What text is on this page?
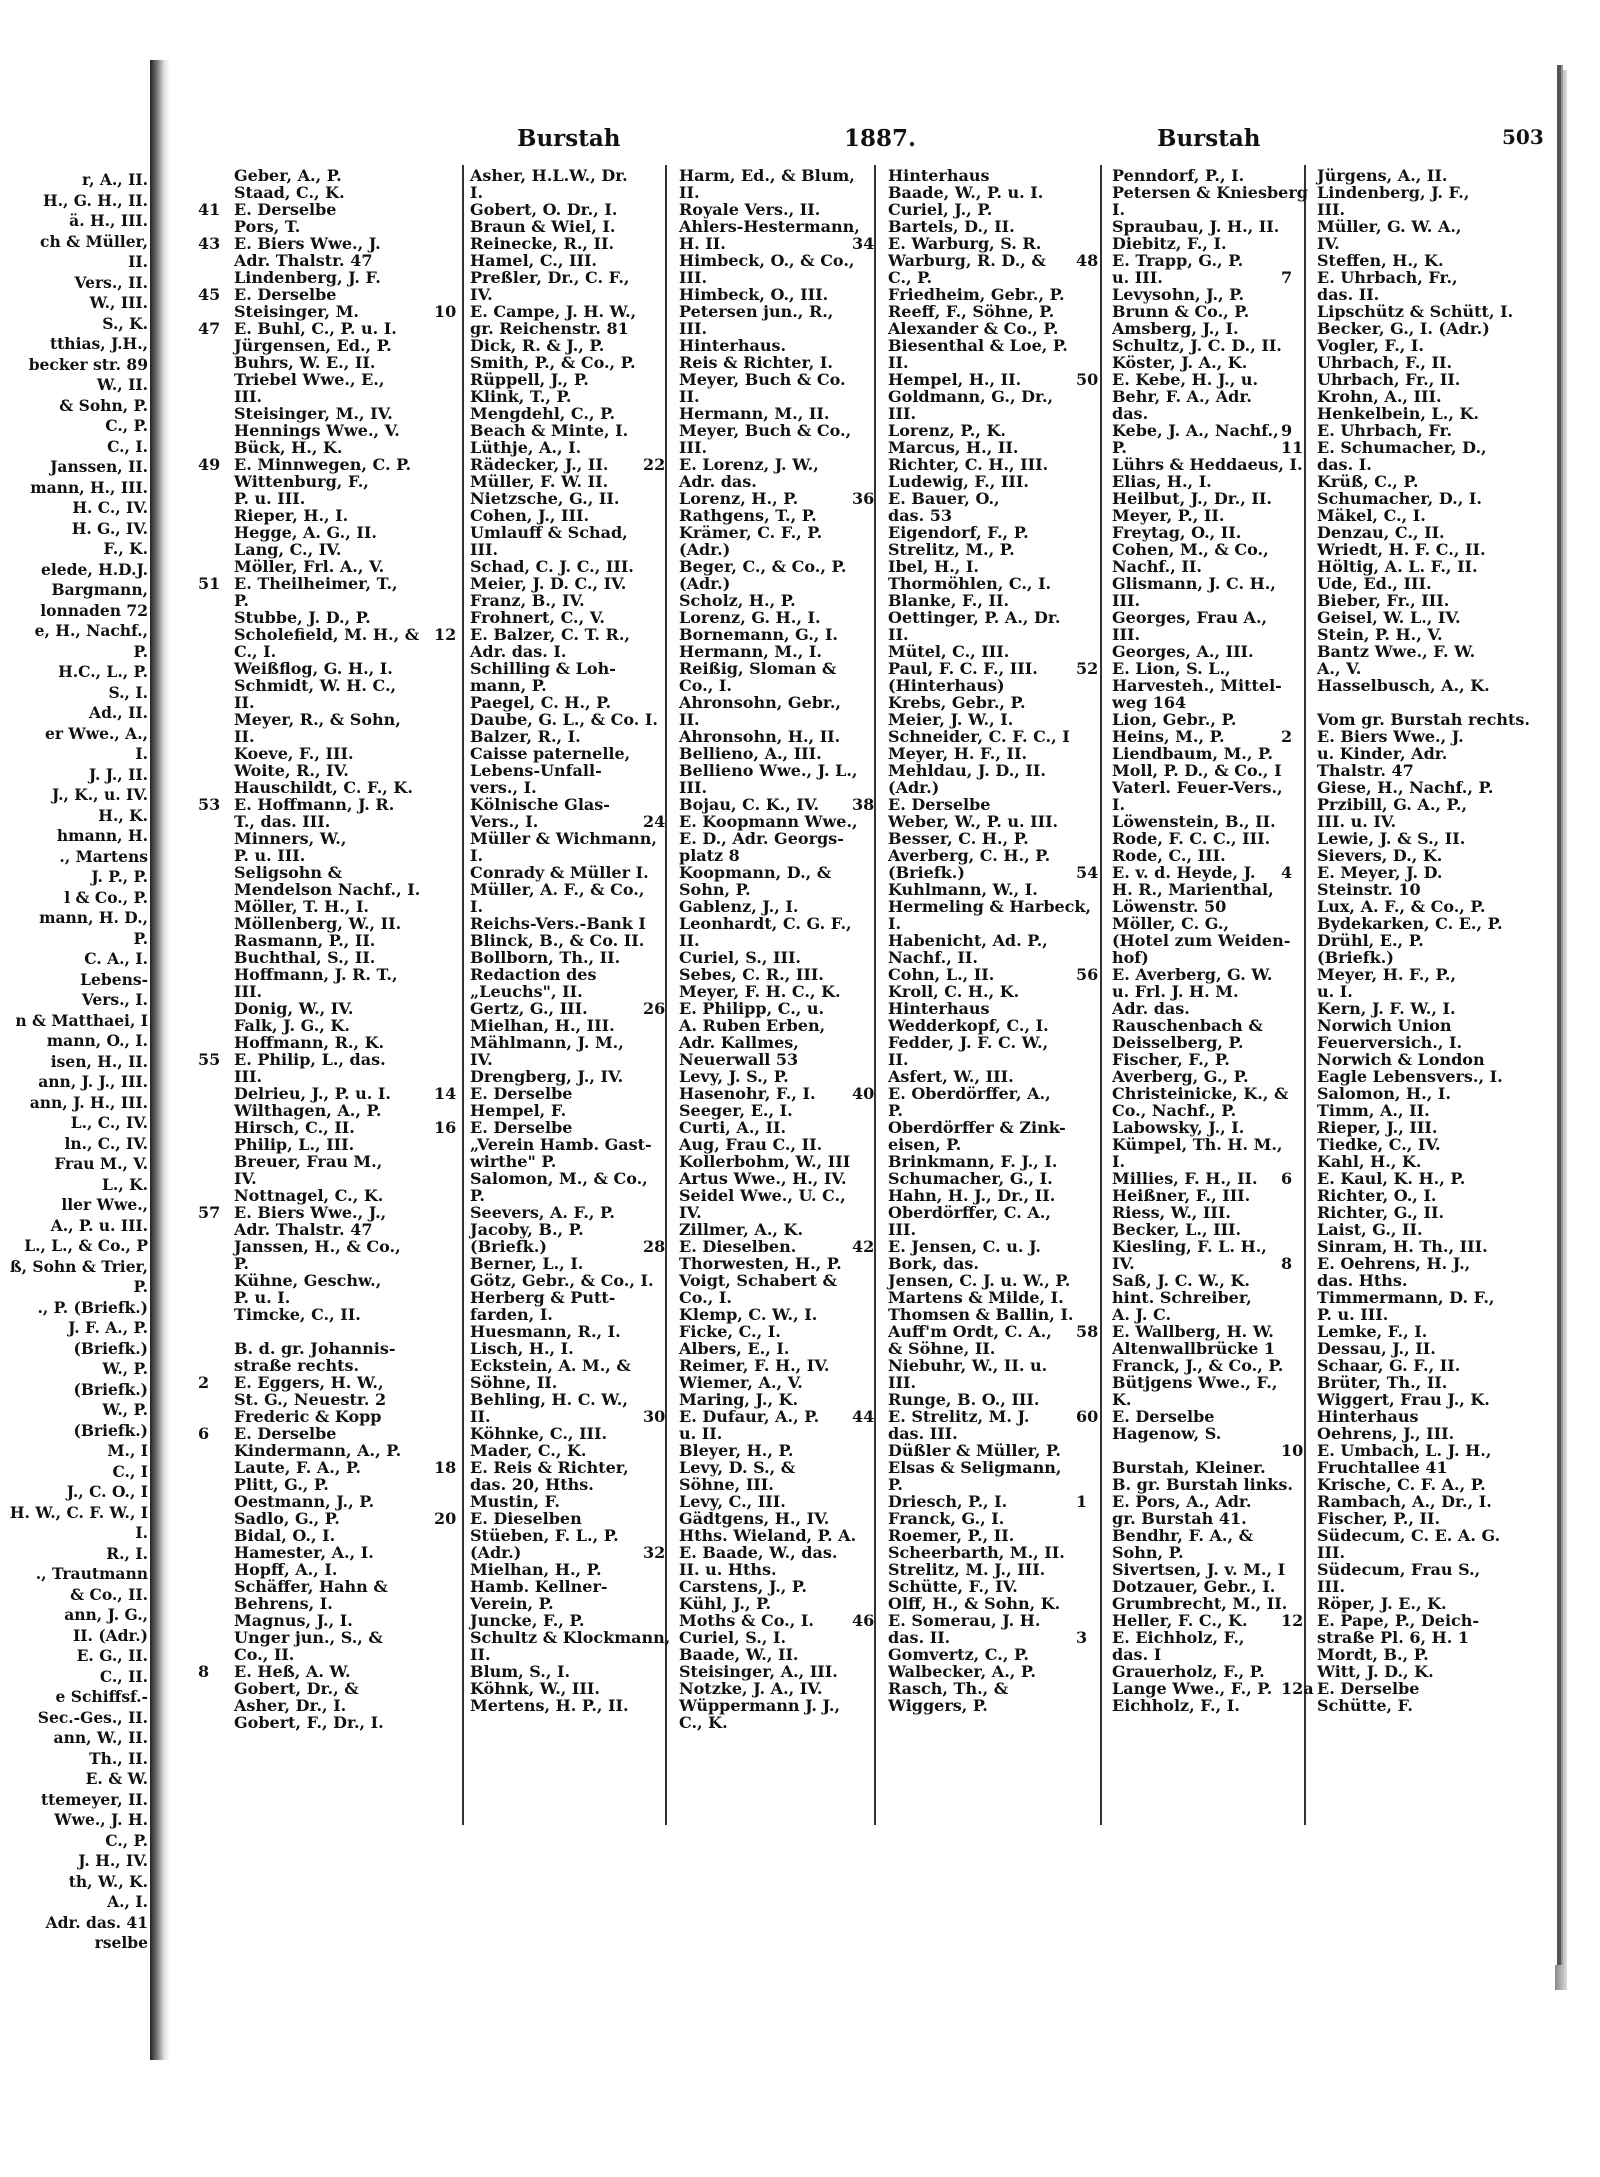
r, A., II.
H., G. H., II.
ä. H., III.
ch & Müller,
II.
Vers., II.
W., III.
S., K.
tthias, J.H.,
becker str. 89
W., II.
& Sohn, P.
C., P.
C., I.
Janssen, II.
mann, H., III.
H. C., IV.
H. G., IV.
F., K.
elede, H.D.J.
Bargmann,
lonnaden 72
e, H., Nachf.,
P.
H.C., L., P.
S., I.
Ad., II.
er Wwe., A.,
I.
J. J., II.
J., K., u. IV.
H., K.
hmann, H.
., Martens
J. P., P.
l & Co., P.
mann, H. D.,
P.
C. A., I.
Lebens-
Vers., I.
n & Matthaei, I
mann, O., I.
isen, H., II.
ann, J. J., III.
ann, J. H., III.
L., C., IV.
ln., C., IV.
Frau M., V.
L., K.
ller Wwe.,
A., P. u. III.
L., L., & Co., P
ß, Sohn & Trier,
P.
., P. (Briefk.)
J. F. A., P.
(Briefk.)
W., P.
(Briefk.)
W., P.
(Briefk.)
M., I
C., I
J., C. O., I
H. W., C. F. W., I
I.
R., I.
., Trautmann
& Co., II.
ann, J. G.,
II. (Adr.)
E. G., II.
C., II.
e Schiffsf.-
Sec.-Ges., II.
ann, W., II.
Th., II.
E. & W.
ttemeyer, II.
Wwe., J. H.
C., P.
J. H., IV.
th, W., K.
A., I.
Adr. das. 41
rselbe
Burstah	1887.	Burstah	503
Geber, A., P.
Staad, C., K.
41 E. Derselbe
Pors, T.
43 E. Biers Wwe., J.
Adr. Thalstr. 47
Lindenberg, J. F.
45 E. Derselbe
Steisinger, M.
47 E. Buhl, C., P. u. I.
Jürgensen, Ed., P.
Buhrs, W. E., II.
Triebel Wwe., E.,
III.
Steisinger, M., IV.
Hennings Wwe., V.
Bück, H., K.
49 E. Minnwegen, C. P.
Wittenburg, F.,
P. u. III.
Rieper, H., I.
Hegge, A. G., II.
Lang, C., IV.
Möller, Frl. A., V.
51 E. Theilheimer, T.,
P.
Stubbe, J. D., P.
Scholefield, M. H., &
C., I.
Weißflog, G. H., I.
Schmidt, W. H. C.,
II.
Meyer, R., & Sohn,
II.
Koeve, F., III.
Woite, R., IV.
Hauschildt, C. F., K.
53 E. Hoffmann, J. R.
T., das. III.
Minners, W.,
P. u. III.
Seligsohn &
Mendelson Nachf., I.
Möller, T. H., I.
Möllenberg, W., II.
Rasmann, P., II.
Buchthal, S., II.
Hoffmann, J. R. T.,
III.
Donig, W., IV.
Falk, J. G., K.
Hoffmann, R., K.
55 E. Philip, L., das.
III.
Delrieu, J., P. u. I.
Wilthagen, A., P.
Hirsch, C., II.
Philip, L., III.
Breuer, Frau M.,
IV.
Nottnagel, C., K.
57 E. Biers Wwe., J.,
Adr. Thalstr. 47
Janssen, H., & Co.,
P.
Kühne, Geschw.,
P. u. I.
Timcke, C., II.
B. d. gr. Johannis-
straße rechts.
2	E. Eggers, H. W.,
St. G., Neuestr. 2
Frederic & Kopp
6	E. Derselbe
Kindermann, A., P.
Laute, F. A., P.
Plitt, G., P.
Oestmann, J., P.
Sadlo, G., P.
Bidal, O., I.
Hamester, A., I.
Hopff, A., I.
Schäffer, Hahn &
Behrens, I.
Magnus, J., I.
Unger jun., S., &
Co., II.
8	E. Heß, A. W.
Gobert, Dr., &
Asher, Dr., I.
Gobert, F., Dr., I.
Asher, H.L.W., Dr.
I.
Gobert, O. Dr., I.
Braun & Wiel, I.
Reinecke, R., II.
Hamel, C., III.
Preßler, Dr., C. F.,
IV.
10 E. Campe, J. H. W.,
gr. Reichenstr. 81
Dick, R. & J., P.
Smith, P., & Co., P.
Rüppell, J., P.
Klink, T., P.
Mengdehl, C., P.
Beach & Minte, I.
Lüthje, A., I.
Rädecker, J., II.
Müller, F. W. II.
Nietzsche, G., II.
Cohen, J., III.
Umlauff & Schad,
III.
Schad, C. J. C., III.
Meier, J. D. C., IV.
Franz, B., IV.
Frohnert, C., V.
12 E. Balzer, C. T. R.,
Adr. das. I.
Schilling & Loh-
mann, P.
Paegel, C. H., P.
Daube, G. L., & Co. I.
Balzer, R., I.
Caisse paternelle,
Lebens-Unfall-
vers., I.
Kölnische Glas-
Vers., I.
Müller & Wichmann,
I.
Conrady & Müller I.
Müller, A. F., & Co.,
I.
Reichs-Vers.-Bank I
Blinck, B., & Co. II.
Bollborn, Th., II.
Redaction des
„Leuchs", II.
Gertz, G., III.
Mielhan, H., III.
Mählmann, J. M.,
IV.
Drengberg, J., IV.
14 E. Derselbe
Hempel, F.
16 E. Derselbe
„Verein Hamb. Gast-
wirthe" P.
Salomon, M., & Co.,
P.
Seevers, A. F., P.
Jacoby, B., P.
(Briefk.)
Berner, L., I.
Götz, Gebr., & Co., I.
Herberg & Putt-
farden, I.
Huesmann, R., I.
Lisch, H., I.
Eckstein, A. M., &
Söhne, II.
Behling, H. C. W.,
II.
Köhnke, C., III.
Mader, C., K.
18 E. Reis & Richter,
das. 20, Hths.
Mustin, F.
20 E. Dieselben
Stüeben, F. L., P.
(Adr.)
Mielhan, H., P.
Hamb. Kellner-
Verein, P.
Juncke, F., P.
Schultz & Klockmann,
II.
Blum, S., I.
Köhnk, W., III.
Mertens, H. P., II.
Harm, Ed., & Blum,
II.
Royale Vers., II.
Ahlers-Hestermann,
H. II.
Himbeck, O., & Co.,
III.
Himbeck, O., III.
Petersen jun., R.,
III.
Hinterhaus.
Reis & Richter, I.
Meyer, Buch & Co.
II.
Hermann, M., II.
Meyer, Buch & Co.,
III.
22 E. Lorenz, J. W.,
Adr. das.
Lorenz, H., P.
Rathgens, T., P.
Krämer, C. F., P.
(Adr.)
Beger, C., & Co., P.
(Adr.)
Scholz, H., P.
Lorenz, G. H., I.
Bornemann, G., I.
Hermann, M., I.
Reißig, Sloman &
Co., I.
Ahronsohn, Gebr.,
II.
Ahronsohn, H., II.
Bellieno, A., III.
Bellieno Wwe., J. L.,
III.
Bojau, C. K., IV.
24 E. Koopmann Wwe.,
E. D., Adr. Georgs-
platz 8
Koopmann, D., &
Sohn, P.
Gablenz, J., I.
Leonhardt, C. G. F.,
II.
Curiel, S., III.
Sebes, C. R., III.
Meyer, F. H. C., K.
26 E. Philipp, C., u.
A. Ruben Erben,
Adr. Kallmes,
Neuerwall 53
Levy, J. S., P.
Hasenohr, F., I.
Seeger, E., I.
Curti, A., II.
Aug, Frau C., II.
Kollerbohm, W., III
Artus Wwe., H., IV.
Seidel Wwe., U. C.,
IV.
Zillmer, A., K.
28 E. Dieselben.
Thorwesten, H., P.
Voigt, Schabert &
Co., I.
Klemp, C. W., I.
Ficke, C., I.
Albers, E., I.
Reimer, F. H., IV.
Wiemer, A., V.
Maring, J., K.
30 E. Dufaur, A., P.
u. II.
Bleyer, H., P.
Levy, D. S., &
Söhne, III.
Levy, C., III.
Gädtgens, H., IV.
Hths. Wieland, P. A.
32 E. Baade, W., das.
II. u. Hths.
Carstens, J., P.
Kühl, J., P.
Moths & Co., I.
Curiel, S., I.
Baade, W., II.
Steisinger, A., III.
Notzke, J. A., IV.
Wüppermann J. J.,
C., K.
Hinterhaus
Baade, W., P. u. I.
Curiel, J., P.
Bartels, D., II.
34 E. Warburg, S. R.
Warburg, R. D., &
C., P.
Friedheim, Gebr., P.
Reeff, F., Söhne, P.
Alexander & Co., P.
Biesenthal & Loe, P.
II.
Hempel, H., II.
Goldmann, G., Dr.,
III.
Lorenz, P., K.
Marcus, H., II.
Richter, C. H., III.
Ludewig, F., III.
36 E. Bauer, O.,
das. 53
Eigendorf, F., P.
Strelitz, M., P.
Ibel, H., I.
Thormöhlen, C., I.
Blanke, F., II.
Oettinger, P. A., Dr.
II.
Mütel, C., III.
Paul, F. C. F., III.
(Hinterhaus)
Krebs, Gebr., P.
Meier, J. W., I.
Schneider, C. F. C., I
Meyer, H. F., II.
Mehldau, J. D., II.
(Adr.)
38 E. Derselbe
Weber, W., P. u. III.
Besser, C. H., P.
Averberg, C. H., P.
(Briefk.)
Kuhlmann, W., I.
Hermeling & Harbeck,
I.
Habenicht, Ad. P.,
Nachf., II.
Cohn, L., II.
Kroll, C. H., K.
Hinterhaus
Wedderkopf, C., I.
Fedder, J. F. C. W.,
II.
Asfert, W., III.
40 E. Oberdörffer, A.,
P.
Oberdörffer & Zink-
eisen, P.
Brinkmann, F. J., I.
Schumacher, G., I.
Hahn, H. J., Dr., II.
Oberdörffer, C. A.,
III.
42 E. Jensen, C. u. J.
Bork, das.
Jensen, C. J. u. W., P.
Martens & Milde, I.
Thomsen & Ballin, I.
Auff'm Ordt, C. A.,
& Söhne, II.
Niebuhr, W., II. u.
III.
Runge, B. O., III.
44 E. Strelitz, M. J.
das. III.
Düßler & Müller, P.
Elsas & Seligmann,
P.
Driesch, P., I.
Franck, G., I.
Roemer, P., II.
Scheerbarth, M., II.
Strelitz, M. J., III.
Schütte, F., IV.
Olff, H., & Sohn, K.
46 E. Somerau, J. H.
das. II.
Gomvertz, C., P.
Walbecker, A., P.
Rasch, Th., &
Wiggers, P.
Penndorf, P., I.
Petersen & Kniesberg
I.
Spraubau, J. H., II.
Diebitz, F., I.
48 E. Trapp, G., P.
u. III.
Levysohn, J., P.
Brunn & Co., P.
Amsberg, J., I.
Schultz, J. C. D., II.
Köster, J. A., K.
50 E. Kebe, H. J., u.
Behr, F. A., Adr.
das.
Kebe, J. A., Nachf.,
P.
Lührs & Heddaeus, I.
Elias, H., I.
Heilbut, J., Dr., II.
Meyer, P., II.
Freytag, O., II.
Cohen, M., & Co.,
Nachf., II.
Glismann, J. C. H.,
III.
Georges, Frau A.,
III.
Georges, A., III.
52 E. Lion, S. L.,
Harvesteh., Mittel-
weg 164
Lion, Gebr., P.
Heins, M., P.
Liendbaum, M., P.
Moll, P. D., & Co., I
Vaterl. Feuer-Vers.,
I.
Löwenstein, B., II.
Rode, F. C. C., III.
Rode, C., III.
54 E. v. d. Heyde, J.
H. R., Marienthal,
Löwenstr. 50
Möller, C. G.,
(Hotel zum Weiden-
hof)
56 E. Averberg, G. W.
u. Frl. J. H. M.
Adr. das.
Rauschenbach &
Deisselberg, P.
Fischer, F., P.
Averberg, G., P.
Christeinicke, K., &
Co., Nachf., P.
Labowsky, J., I.
Kümpel, Th. H. M.,
I.
Millies, F. H., II.
Heißner, F., III.
Riess, W., III.
Becker, L., III.
Kiesling, F. L. H.,
IV.
Saß, J. C. W., K.
hint. Schreiber,
A. J. C.
58 E. Wallberg, H. W.
Altenwallbrücke 1
Franck, J., & Co., P.
Bütjgens Wwe., F.,
K.
60 E. Derselbe
Hagenow, S.
Burstah, Kleiner.
B. gr. Burstah links.
1	E. Pors, A., Adr.
gr. Burstah 41.
Bendhr, F. A., &
Sohn, P.
Sivertsen, J. v. M., I
Dotzauer, Gebr., I.
Grumbrecht, M., II.
Heller, F. C., K.
3	E. Eichholz, F.,
das. I
Grauerholz, F., P.
Lange Wwe., F., P.
Eichholz, F., I.
Jürgens, A., II.
Lindenberg, J. F.,
III.
Müller, G. W. A.,
IV.
Steffen, H., K.
7	E. Uhrbach, Fr.,
das. II.
Lipschütz & Schütt, I.
Becker, G., I. (Adr.)
Vogler, F., I.
Uhrbach, F., II.
Uhrbach, Fr., II.
Krohn, A., III.
Henkelbein, L., K.
9	E. Uhrbach, Fr.
11 E. Schumacher, D.,
das. I.
Krüß, C., P.
Schumacher, D., I.
Mäkel, C., I.
Denzau, C., II.
Wriedt, H. F. C., II.
Höltig, A. L. F., II.
Ude, Ed., III.
Bieber, Fr., III.
Geisel, W. L., IV.
Stein, P. H., V.
Bantz Wwe., F. W.
A., V.
Hasselbusch, A., K.
Vom gr. Burstah rechts.
2	E. Biers Wwe., J.
u. Kinder, Adr.
Thalstr. 47
Giese, H., Nachf., P.
Przibill, G. A., P.,
III. u. IV.
Lewie, J. & S., II.
Sievers, D., K.
4	E. Meyer, J. D.
Steinstr. 10
Lux, A. F., & Co., P.
Bydekarken, C. E., P.
Drühl, E., P.
(Briefk.)
Meyer, H. F., P.,
u. I.
Kern, J. F. W., I.
Norwich Union
Feuerversich., I.
Norwich & London
Eagle Lebensvers., I.
Salomon, H., I.
Timm, A., II.
Rieper, J., III.
Tiedke, C., IV.
Kahl, H., K.
6	E. Kaul, K. H., P.
Richter, O., I.
Richter, G., II.
Laist, G., II.
Sinram, H. Th., III.
8	E. Oehrens, H. J.,
das. Hths.
Timmermann, D. F.,
P. u. III.
Lemke, F., I.
Dessau, J., II.
Schaar, G. F., II.
Brüter, Th., II.
Wiggert, Frau J., K.
Hinterhaus
Oehrens, J., III.
10 E. Umbach, L. J. H.,
Fruchtallee 41
Krische, C. F. A., P.
Rambach, A., Dr., I.
Fischer, P., II.
Südecum, C. E. A. G.
III.
Südecum, Frau S.,
III.
Röper, J. E., K.
12 E. Pape, P., Deich-
straße Pl. 6, H. 1
Mordt, B., P.
Witt, J. D., K.
12a E. Derselbe
Schütte, F.
